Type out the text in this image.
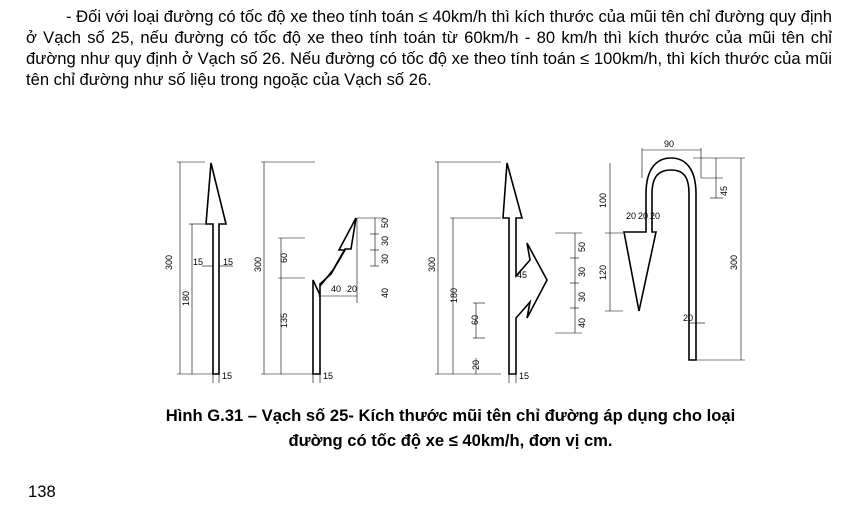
- Đối với loại đường có tốc độ xe theo tính toán ≤ 40km/h thì kích thước của mũi tên chỉ đường quy định ở Vạch số 25, nếu đường có tốc độ xe theo tính toán từ 60km/h - 80 km/h thì kích thước của mũi tên chỉ đường như quy định ở Vạch số 26. Nếu đường có tốc độ xe theo tính toán ≤ 100km/h, thì kích thước của mũi tên chỉ đường như số liệu trong ngoặc của Vạch số 26.

300 15 15
180
15
300 60
135
40 20	40
30
30
50
15
300
180
60
20
45
40
30
30
50
15
90
45
100
20 20 20
120
300
20
Hình G.31 – Vạch số 25- Kích thước mũi tên chỉ đường áp dụng cho loại
đường có tốc độ xe ≤ 40km/h, đơn vị cm.
138
